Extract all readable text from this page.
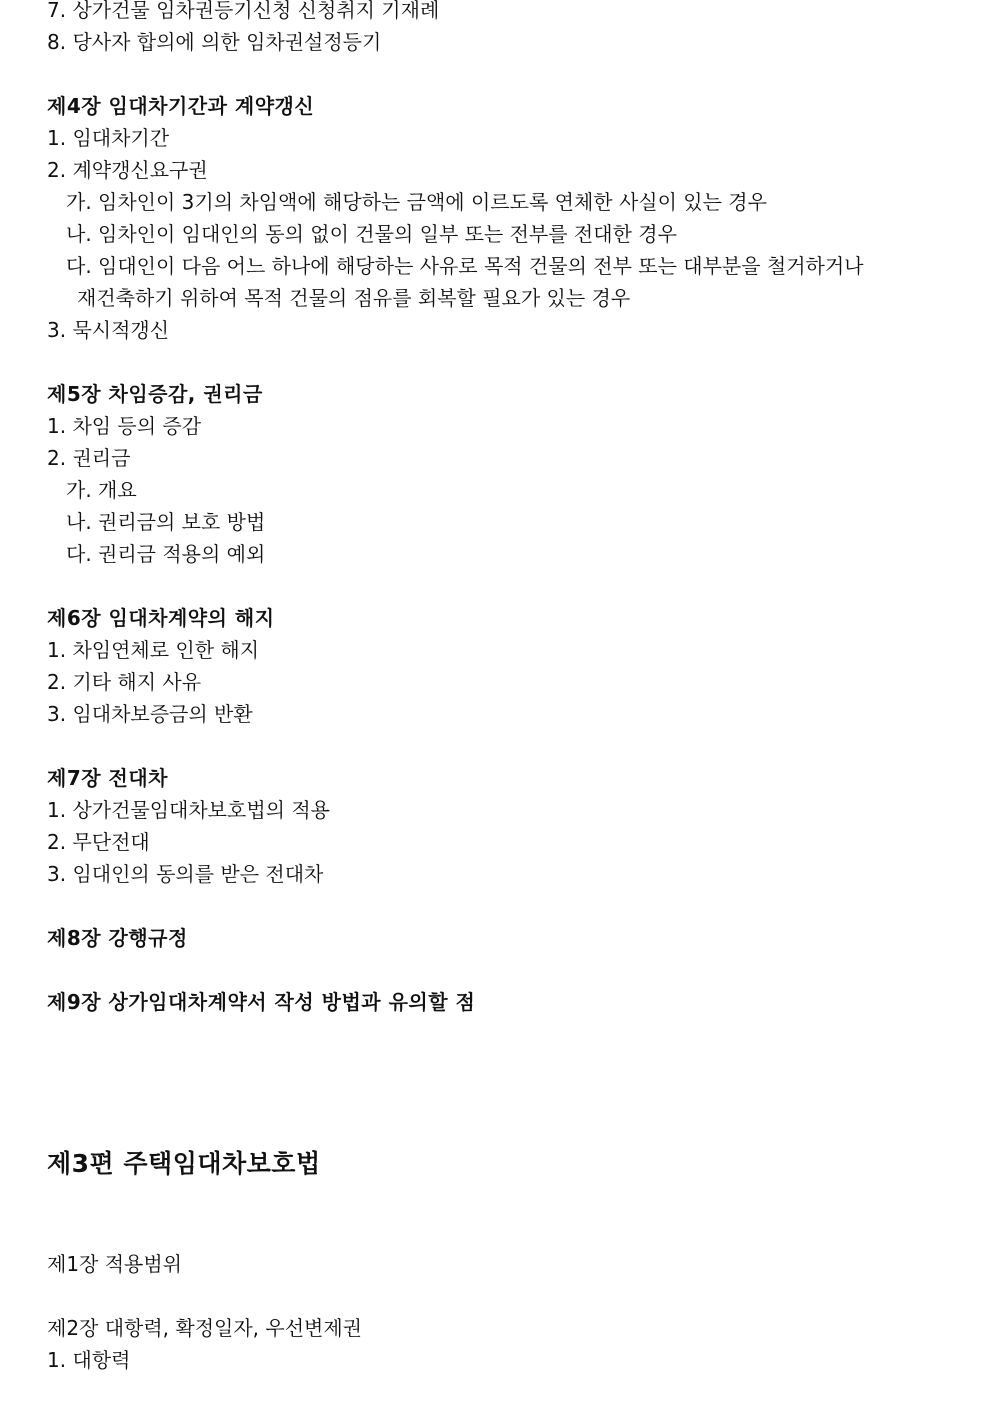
7. 상가건물 임차권등기신청 신청취지 기재례
8. 당사자 합의에 의한 임차권설정등기
제4장 임대차기간과 계약갱신
1. 임대차기간
2. 계약갱신요구권
가. 임차인이 3기의 차임액에 해당하는 금액에 이르도록 연체한 사실이 있는 경우
나. 임차인이 임대인의 동의 없이 건물의 일부 또는 전부를 전대한 경우
다. 임대인이 다음 어느 하나에 해당하는 사유로 목적 건물의 전부 또는 대부분을 철거하거나
재건축하기 위하여 목적 건물의 점유를 회복할 필요가 있는 경우
3. 묵시적갱신
제5장 차임증감, 권리금
1. 차임 등의 증감
2. 권리금
가. 개요
나. 권리금의 보호 방법
다. 권리금 적용의 예외
제6장 임대차계약의 해지
1. 차임연체로 인한 해지
2. 기타 해지 사유
3. 임대차보증금의 반환
제7장 전대차
1. 상가건물임대차보호법의 적용
2. 무단전대
3. 임대인의 동의를 받은 전대차
제8장 강행규정
제9장 상가임대차계약서 작성 방법과 유의할 점
제3편 주택임대차보호법
제1장 적용범위
제2장 대항력, 확정일자, 우선변제권
1. 대항력
